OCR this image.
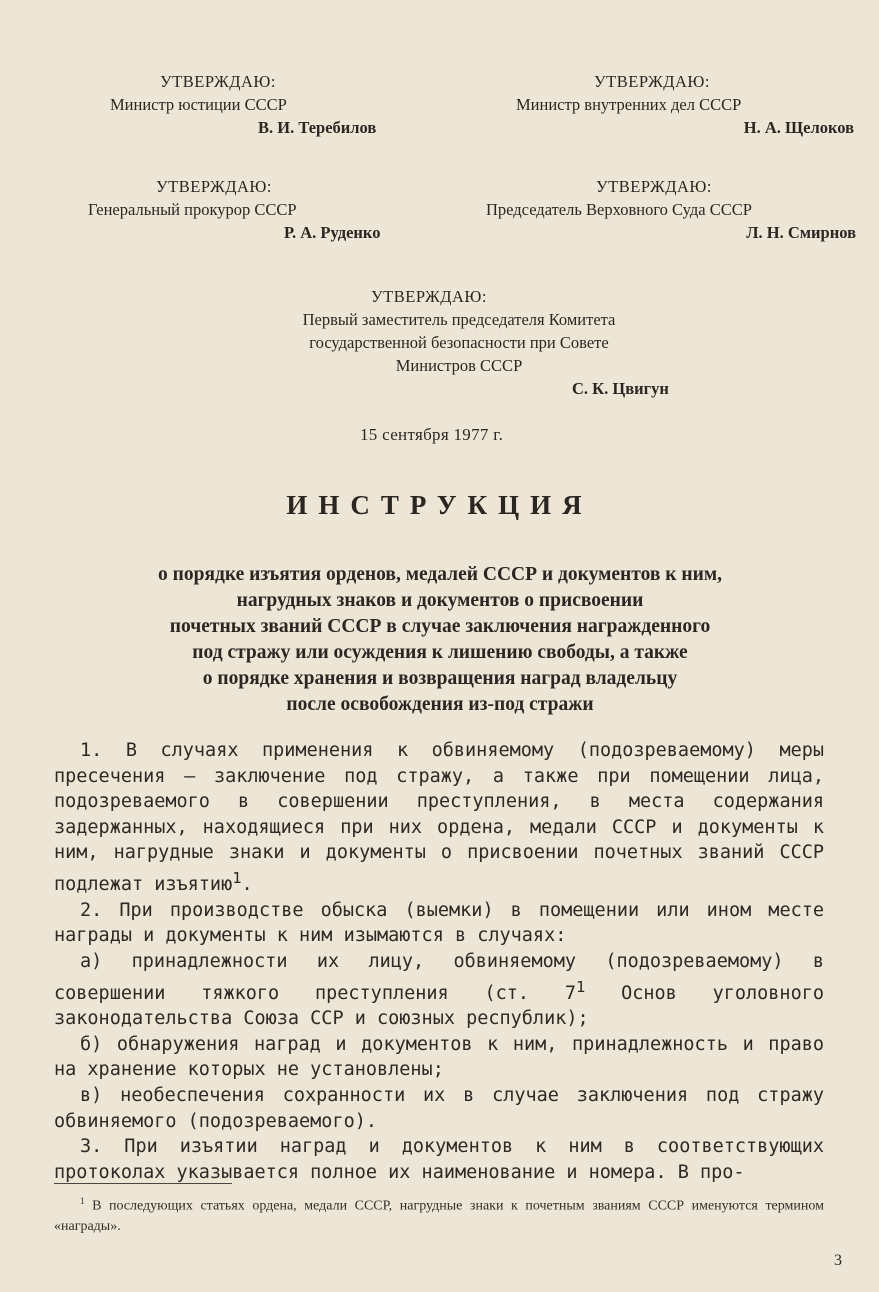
УТВЕРЖДАЮ:
Министр юстиции СССР
В. И. Теребилов
УТВЕРЖДАЮ:
Министр внутренних дел СССР
Н. А. Щелоков
УТВЕРЖДАЮ:
Генеральный прокурор СССР
Р. А. Руденко
УТВЕРЖДАЮ:
Председатель Верховного Суда СССР
Л. Н. Смирнов
УТВЕРЖДАЮ:
Первый заместитель председателя Комитета
государственной безопасности при Совете
Министров СССР
С. К. Цвигун
15 сентября 1977 г.
ИНСТРУКЦИЯ
о порядке изъятия орденов, медалей СССР и документов к ним,
нагрудных знаков и документов о присвоении
почетных званий СССР в случае заключения награжденного
под стражу или осуждения к лишению свободы, а также
о порядке хранения и возвращения наград владельцу
после освобождения из-под стражи

1. В случаях применения к обвиняемому (подозреваемому) меры пресечения — заключение под стражу, а также при помещении лица, подозреваемого в совершении преступления, в места содержания задержанных, находящиеся при них ордена, медали СССР и документы к ним, нагрудные знаки и документы о присвоении почетных званий СССР подлежат изъятию$^1$.

2. При производстве обыска (выемки) в помещении или ином месте награды и документы к ним изымаются в случаях:

а) принадлежности их лицу, обвиняемому (подозреваемому) в совершении тяжкого преступления (ст. $7^1$ Основ уголовного законодательства Союза ССР и союзных республик);

б) обнаружения наград и документов к ним, принадлежность и право на хранение которых не установлены;

в) необеспечения сохранности их в случае заключения под стражу обвиняемого (подозреваемого).

3. При изъятии наград и документов к ним в соответствующих протоколах указывается полное их наименование и номера. В про-

$^1$ В последующих статьях ордена, медали СССР, нагрудные знаки к почетным званиям СССР именуются термином «награды».
3
